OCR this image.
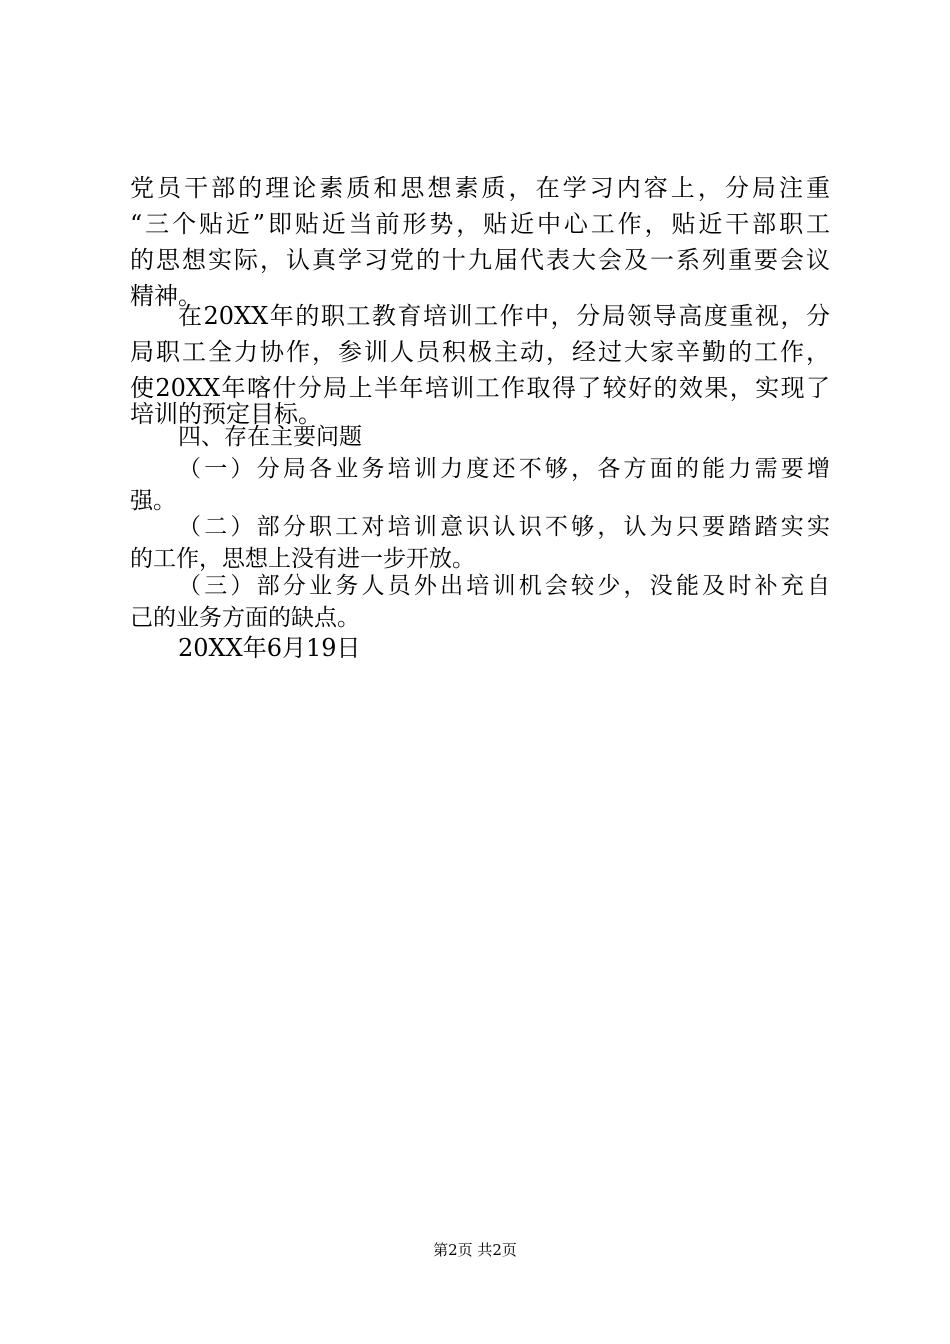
党员干部的理论素质和思想素质，在学习内容上，分局注重
“三个贴近”即贴近当前形势，贴近中心工作，贴近干部职工
的思想实际，认真学习党的十九届代表大会及一系列重要会议
精神。
在20XX年的职工教育培训工作中，分局领导高度重视，分
局职工全力协作，参训人员积极主动，经过大家辛勤的工作，
使20XX年喀什分局上半年培训工作取得了较好的效果，实现了
培训的预定目标。
四、存在主要问题
（一）分局各业务培训力度还不够，各方面的能力需要增
强。
（二）部分职工对培训意识认识不够，认为只要踏踏实实
的工作，思想上没有进一步开放。
（三）部分业务人员外出培训机会较少，没能及时补充自
己的业务方面的缺点。
20XX年6月19日
第2页 共2页
